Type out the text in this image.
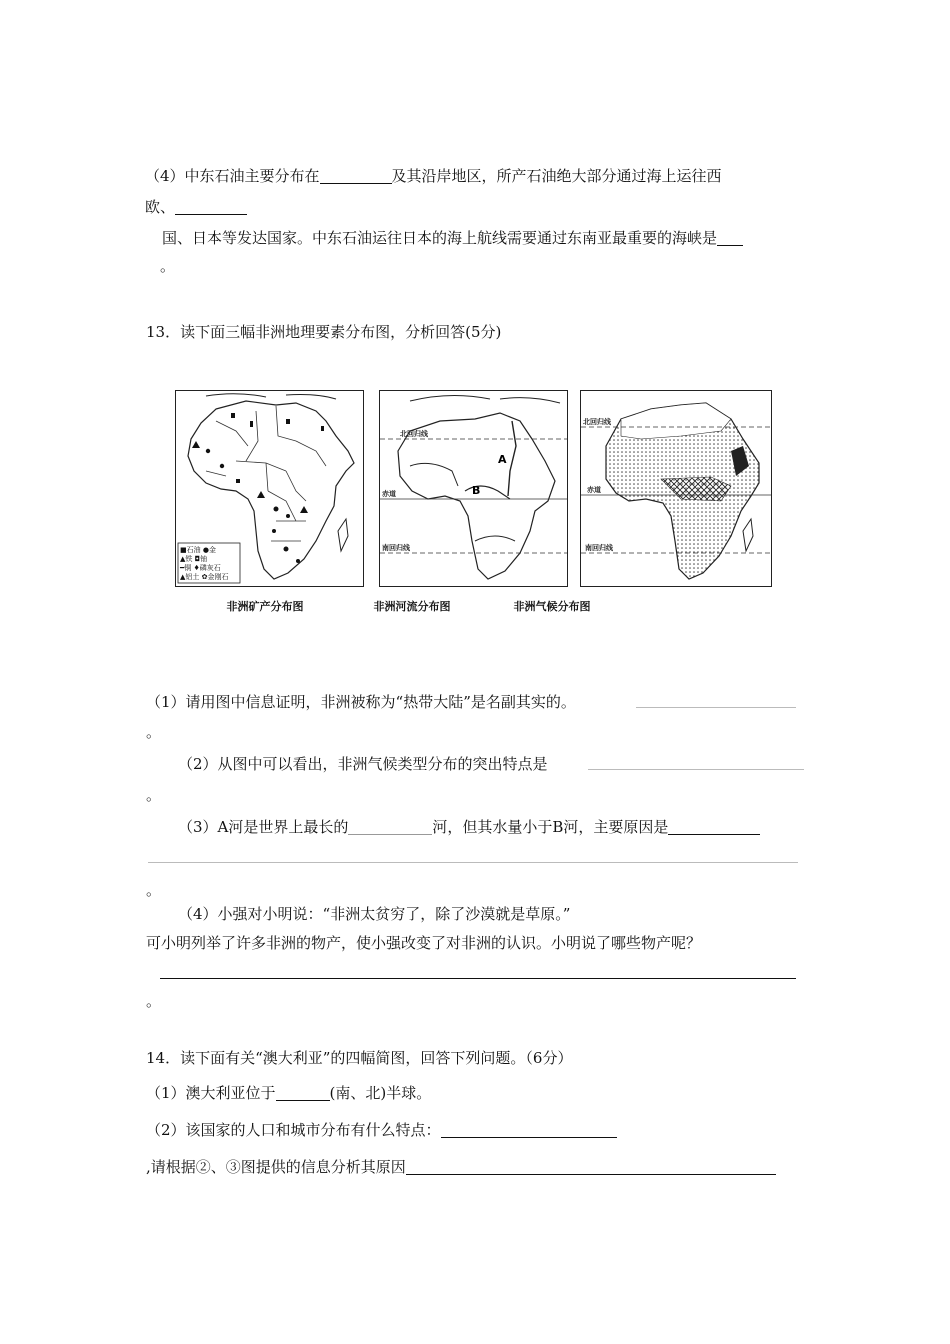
（4）中东石油主要分布在	及其沿岸地区，所产石油绝大部分通过海上运往西
欧、
国、日本等发达国家。中东石油运往日本的海上航线需要通过东南亚最重要的海峡是
。
13．读下面三幅非洲地理要素分布图，分析回答(5分)
■石油 ●金
▲铁 ◘铀
━铜 ♦磷灰石
▲铝土 ✿金刚石
北回归线
赤道
南回归线
A
B
北回归线
赤道
南回归线
非洲矿产分布图	非洲河流分布图	非洲气候分布图
（1）请用图中信息证明，非洲被称为“热带大陆”是名副其实的。
。
（2）从图中可以看出，非洲气候类型分布的突出特点是
。
（3）A河是世界上最长的	河，但其水量小于B河，主要原因是
。
（4）小强对小明说：“非洲太贫穷了，除了沙漠就是草原。”
可小明列举了许多非洲的物产，使小强改变了对非洲的认识。小明说了哪些物产呢？
。
14．读下面有关“澳大利亚”的四幅简图，回答下列问题。（6分）
（1）澳大利亚位于	(南、北)半球。
（2）该国家的人口和城市分布有什么特点：
,请根据②、③图提供的信息分析其原因
